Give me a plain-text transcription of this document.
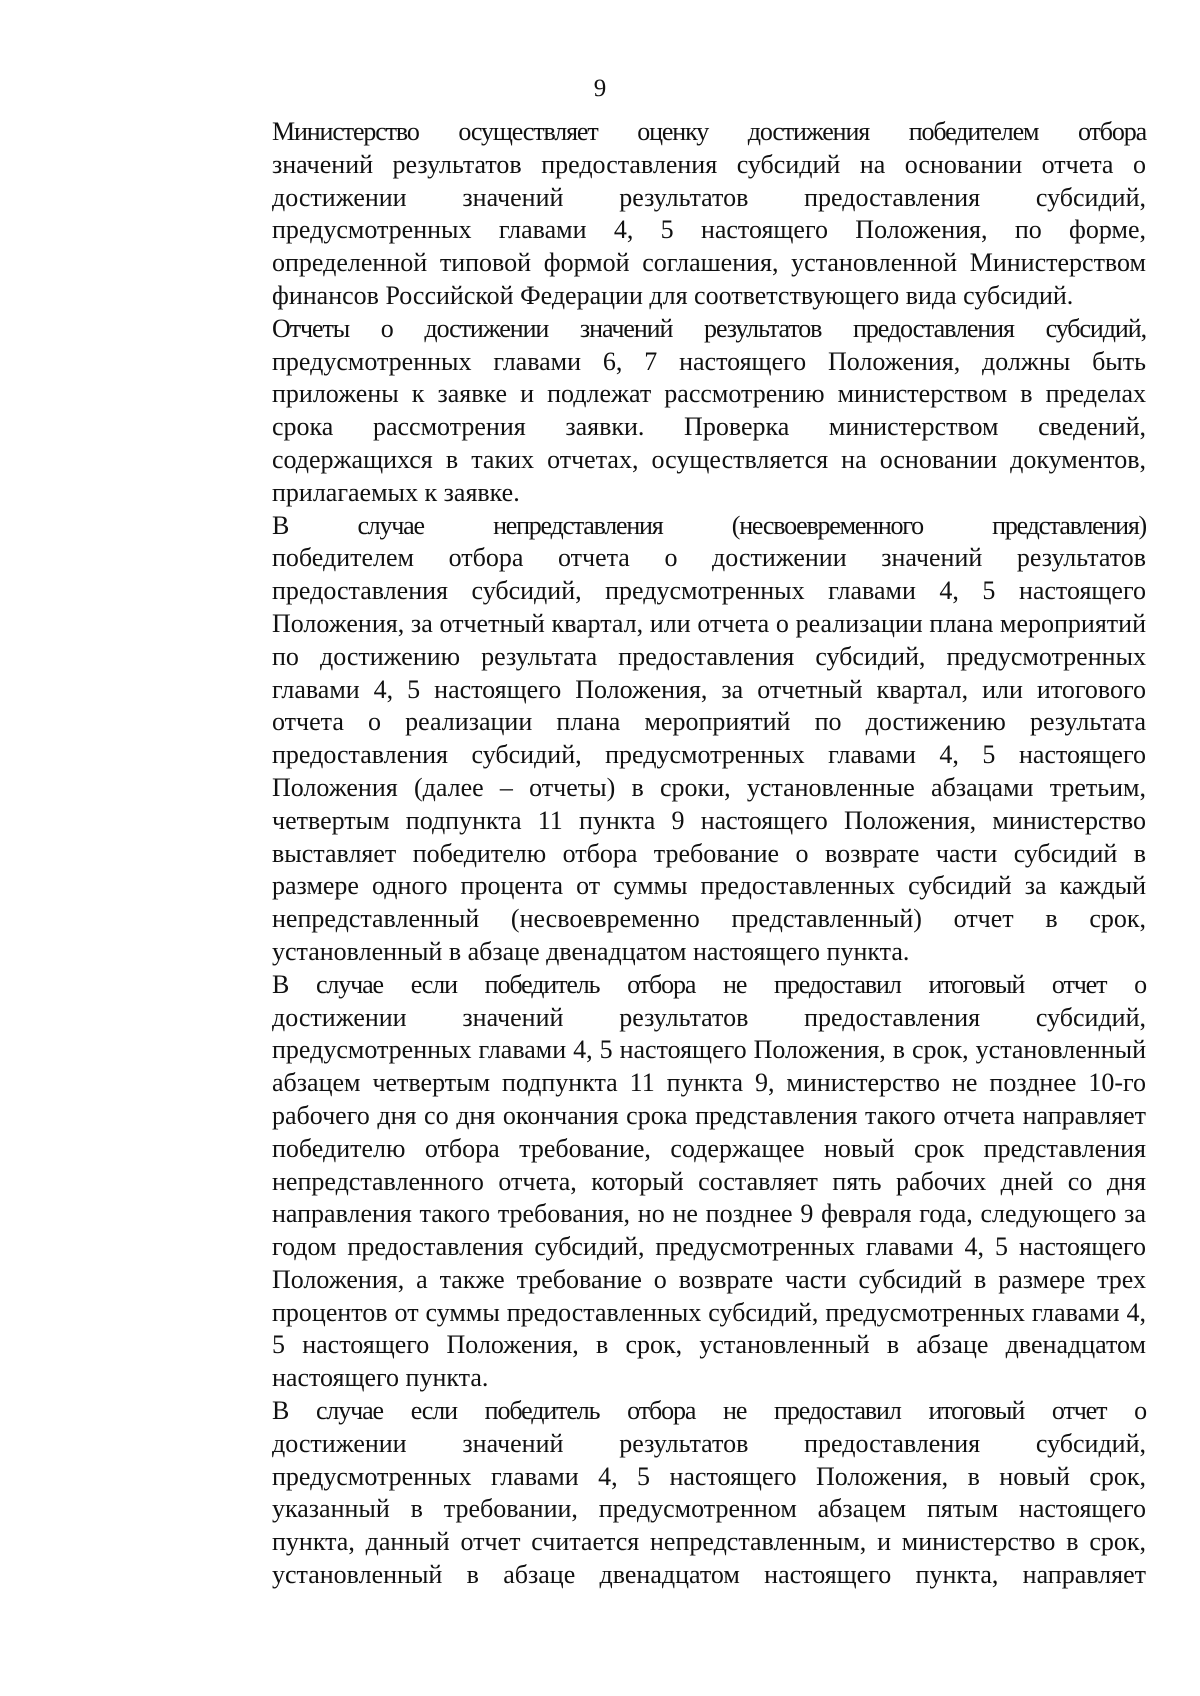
9

Министерство осуществляет оценку достижения победителем отбора
значений результатов предоставления субсидий на основании отчета о
достижении значений результатов предоставления субсидий,
предусмотренных главами 4, 5 настоящего Положения, по форме,
определенной типовой формой соглашения, установленной Министерством
финансов Российской Федерации для соответствующего вида субсидий.

Отчеты о достижении значений результатов предоставления субсидий,
предусмотренных главами 6, 7 настоящего Положения, должны быть
приложены к заявке и подлежат рассмотрению министерством в пределах
срока рассмотрения заявки. Проверка министерством сведений,
содержащихся в таких отчетах, осуществляется на основании документов,
прилагаемых к заявке.

В случае непредставления (несвоевременного представления)
победителем отбора отчета о достижении значений результатов
предоставления субсидий, предусмотренных главами 4, 5 настоящего
Положения, за отчетный квартал, или отчета о реализации плана мероприятий
по достижению результата предоставления субсидий, предусмотренных
главами 4, 5 настоящего Положения, за отчетный квартал, или итогового
отчета о реализации плана мероприятий по достижению результата
предоставления субсидий, предусмотренных главами 4, 5 настоящего
Положения (далее – отчеты) в сроки, установленные абзацами третьим,
четвертым подпункта 11 пункта 9 настоящего Положения, министерство
выставляет победителю отбора требование о возврате части субсидий в
размере одного процента от суммы предоставленных субсидий за каждый
непредставленный (несвоевременно представленный) отчет в срок,
установленный в абзаце двенадцатом настоящего пункта.

В случае если победитель отбора не предоставил итоговый отчет о
достижении значений результатов предоставления субсидий,
предусмотренных главами 4, 5 настоящего Положения, в срок, установленный
абзацем четвертым подпункта 11 пункта 9, министерство не позднее 10-го
рабочего дня со дня окончания срока представления такого отчета направляет
победителю отбора требование, содержащее новый срок представления
непредставленного отчета, который составляет пять рабочих дней со дня
направления такого требования, но не позднее 9 февраля года, следующего за
годом предоставления субсидий, предусмотренных главами 4, 5 настоящего
Положения, а также требование о возврате части субсидий в размере трех
процентов от суммы предоставленных субсидий, предусмотренных главами 4,
5 настоящего Положения, в срок, установленный в абзаце двенадцатом
настоящего пункта.

В случае если победитель отбора не предоставил итоговый отчет о
достижении значений результатов предоставления субсидий,
предусмотренных главами 4, 5 настоящего Положения, в новый срок,
указанный в требовании, предусмотренном абзацем пятым настоящего
пункта, данный отчет считается непредставленным, и министерство в срок,
установленный в абзаце двенадцатом настоящего пункта, направляет
